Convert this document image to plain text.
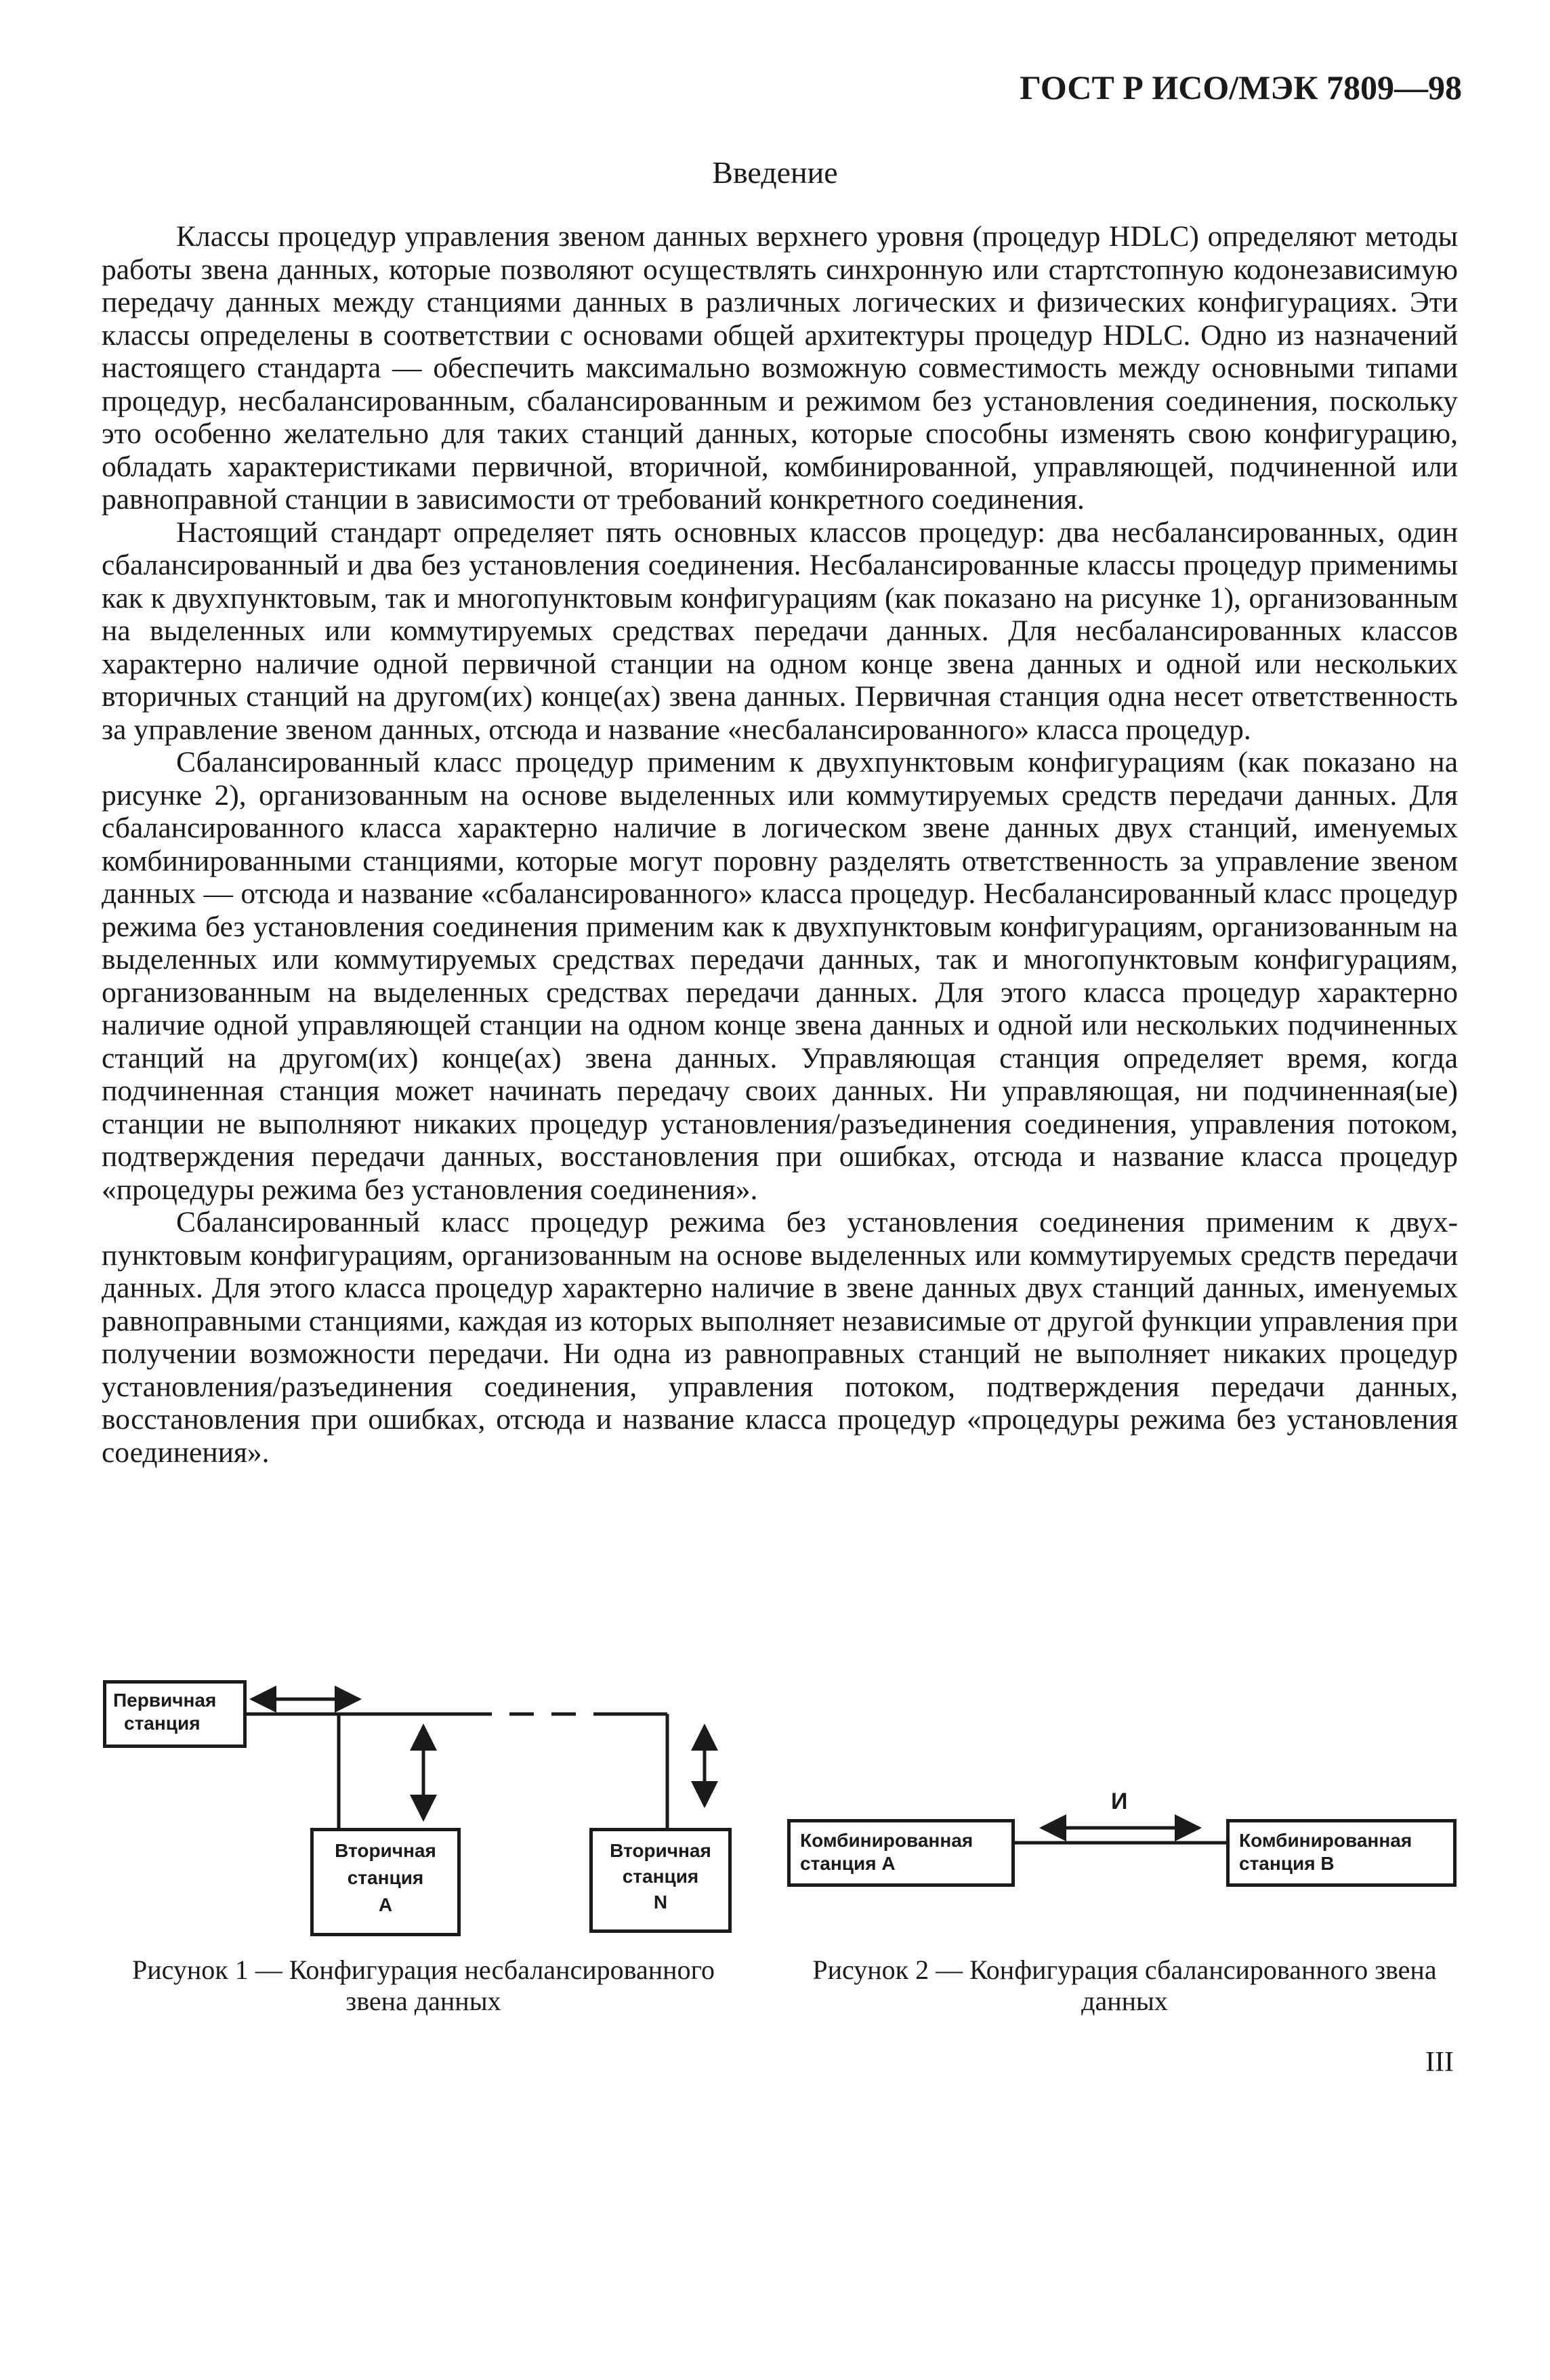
ГОСТ Р ИСО/МЭК 7809—98
Введение

Классы процедур управления звеном данных верхнего уровня (процедур HDLC) определяют методы работы звена данных, которые позволяют осуществлять синхронную или стартстопную кодонезависимую передачу данных между станциями данных в различных логических и физических конфигурациях. Эти классы определены в соответствии с основами общей архитектуры процедур HDLC. Одно из назначений настоящего стандарта — обеспечить максимально возможную совместимость между основными типами процедур, несбалансированным, сбалансированным и режимом без установления соединения, поскольку это особенно желательно для таких станций данных, которые способны изменять свою конфигурацию, обладать характеристиками первичной, вторичной, комбинированной, управляющей, подчиненной или равноправной станции в зависимости от требований конкретного соединения.

Настоящий стандарт определяет пять основных классов процедур: два несбалансированных, один сбалансированный и два без установления соединения. Несбалансированные классы процедур применимы как к двухпунктовым, так и многопунктовым конфигурациям (как показано на рисунке 1), организованным на выделенных или коммутируемых средствах передачи данных. Для несбалансированных классов характерно наличие одной первичной станции на одном конце звена данных и одной или нескольких вторичных станций на другом(их) конце(ах) звена данных. Первичная станция одна несет ответственность за управление звеном данных, отсюда и название «несбалансированного» класса процедур.

Сбалансированный класс процедур применим к двухпунктовым конфигурациям (как показано на рисунке 2), организованным на основе выделенных или коммутируемых средств передачи данных. Для сбалансированного класса характерно наличие в логическом звене данных двух станций, именуемых комбинированными станциями, которые могут поровну разделять ответственность за управление звеном данных — отсюда и название «сбалансированного» класса процедур. Несбалансированный класс процедур режима без установления соединения применим как к двухпунктовым конфигурациям, организованным на выделенных или коммутируемых средствах передачи данных, так и многопунктовым конфигурациям, организованным на выделенных средствах передачи данных. Для этого класса процедур характерно наличие одной управляющей станции на одном конце звена данных и одной или нескольких подчиненных станций на другом(их) конце(ах) звена данных. Управляющая станция определяет время, когда подчиненная станция может начинать передачу своих данных. Ни управляющая, ни подчиненная(ые) станции не выполняют никаких процедур установления/разъединения соединения, управления потоком, подтверждения передачи данных, восстановления при ошибках, отсюда и название класса процедур «процедуры режима без установления соединения».

Сбалансированный класс процедур режима без установления соединения применим к двухпунктовым конфигурациям, организованным на основе выделенных или коммутируемых средств передачи данных. Для этого класса процедур характерно наличие в звене данных двух станций данных, именуемых равноправными станциями, каждая из которых выполняет независимые от другой функции управления при получении возможности передачи. Ни одна из равноправных станций не выполняет никаких процедур установления/разъединения соединения, управления потоком, подтверждения передачи данных, восстановления при ошибках, отсюда и название класса процедур «процедуры режима без установления соединения».

Первичная
станция
Вторичная
станция
А
Вторичная
станция
N
Рисунок 1 — Конфигурация несбалансированного
звена данных
И
Комбинированная
станция А
Комбинированная
станция В
Рисунок 2 — Конфигурация сбалансированного звена
данных
III
